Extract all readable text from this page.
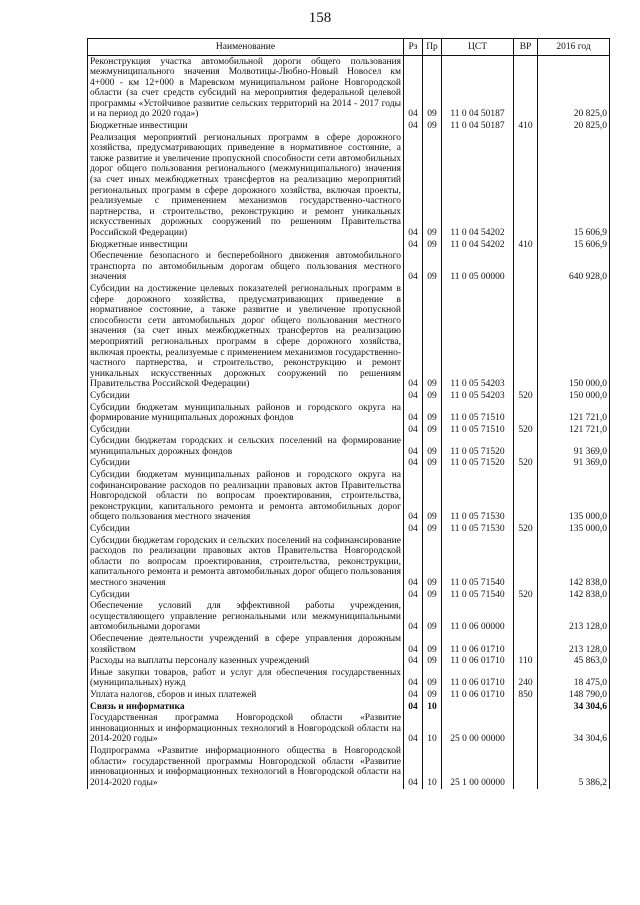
158
Наименование	Рз	Пр	ЦСТ	ВР	2016 год
Реконструкция участка автомобильной дороги общего пользования межмуниципального значения Молвотицы-Любно-Новый Новосел км 4+000 - км 12+000 в Маревском муниципальном районе Новгородской области (за счет средств субсидий на мероприятия федеральной целевой программы «Устойчивое развитие сельских территорий на 2014 - 2017 годы и на период до 2020 года»)	04	09	11 0 04 50187		20 825,0
Бюджетные инвестиции	04	09	11 0 04 50187	410	20 825,0
Реализация мероприятий региональных программ в сфере дорожного хозяйства, предусматривающих приведение в нормативное состояние, а также развитие и увеличение пропускной способности сети автомобильных дорог общего пользования регионального (межмуниципального) значения (за счет иных межбюджетных трансфертов на реализацию мероприятий региональных программ в сфере дорожного хозяйства, включая проекты, реализуемые с применением механизмов государственно-частного партнерства, и строительство, реконструкцию и ремонт уникальных искусственных дорожных сооружений по решениям Правительства Российской Федерации)	04	09	11 0 04 54202		15 606,9
Бюджетные инвестиции	04	09	11 0 04 54202	410	15 606,9
Обеспечение безопасного и бесперебойного движения автомобильного транспорта по автомобильным дорогам общего пользования местного значения	04	09	11 0 05 00000		640 928,0
Субсидии на достижение целевых показателей региональных программ в сфере дорожного хозяйства, предусматривающих приведение в нормативное состояние, а также развитие и увеличение пропускной способности сети автомобильных дорог общего пользования местного значения (за счет иных межбюджетных трансфертов на реализацию мероприятий региональных программ в сфере дорожного хозяйства, включая проекты, реализуемые с применением механизмов государственно-частного партнерства, и строительство, реконструкцию и ремонт уникальных искусственных дорожных сооружений по решениям Правительства Российской Федерации)	04	09	11 0 05 54203		150 000,0
Субсидии	04	09	11 0 05 54203	520	150 000,0
Субсидии бюджетам муниципальных районов и городского округа на формирование муниципальных дорожных фондов	04	09	11 0 05 71510		121 721,0
Субсидии	04	09	11 0 05 71510	520	121 721,0
Субсидии бюджетам городских и сельских поселений на формирование муниципальных дорожных фондов	04	09	11 0 05 71520		91 369,0
Субсидии	04	09	11 0 05 71520	520	91 369,0
Субсидии бюджетам муниципальных районов и городского округа на софинансирование расходов по реализации правовых актов Правительства Новгородской области по вопросам проектирования, строительства, реконструкции, капитального ремонта и ремонта автомобильных дорог общего пользования местного значения	04	09	11 0 05 71530		135 000,0
Субсидии	04	09	11 0 05 71530	520	135 000,0
Субсидии бюджетам городских и сельских поселений на софинансирование расходов по реализации правовых актов Правительства Новгородской области по вопросам проектирования, строительства, реконструкции, капитального ремонта и ремонта автомобильных дорог общего пользования местного значения	04	09	11 0 05 71540		142 838,0
Субсидии	04	09	11 0 05 71540	520	142 838,0
Обеспечение условий для эффективной работы учреждения, осуществляющего управление региональными или межмуниципальными автомобильными дорогами	04	09	11 0 06 00000		213 128,0
Обеспечение деятельности учреждений в сфере управления дорожным хозяйством	04	09	11 0 06 01710		213 128,0
Расходы на выплаты персоналу казенных учреждений	04	09	11 0 06 01710	110	45 863,0
Иные закупки товаров, работ и услуг для обеспечения государственных (муниципальных) нужд	04	09	11 0 06 01710	240	18 475,0
Уплата налогов, сборов и иных платежей	04	09	11 0 06 01710	850	148 790,0
Связь и информатика	04	10			34 304,6
Государственная программа Новгородской области «Развитие инновационных и информационных технологий в Новгородской области на 2014-2020 годы»	04	10	25 0 00 00000		34 304,6
Подпрограмма «Развитие информационного общества в Новгородской области» государственной программы Новгородской области «Развитие инновационных и информационных технологий в Новгородской области на 2014-2020 годы»	04	10	25 1 00 00000		5 386,2
